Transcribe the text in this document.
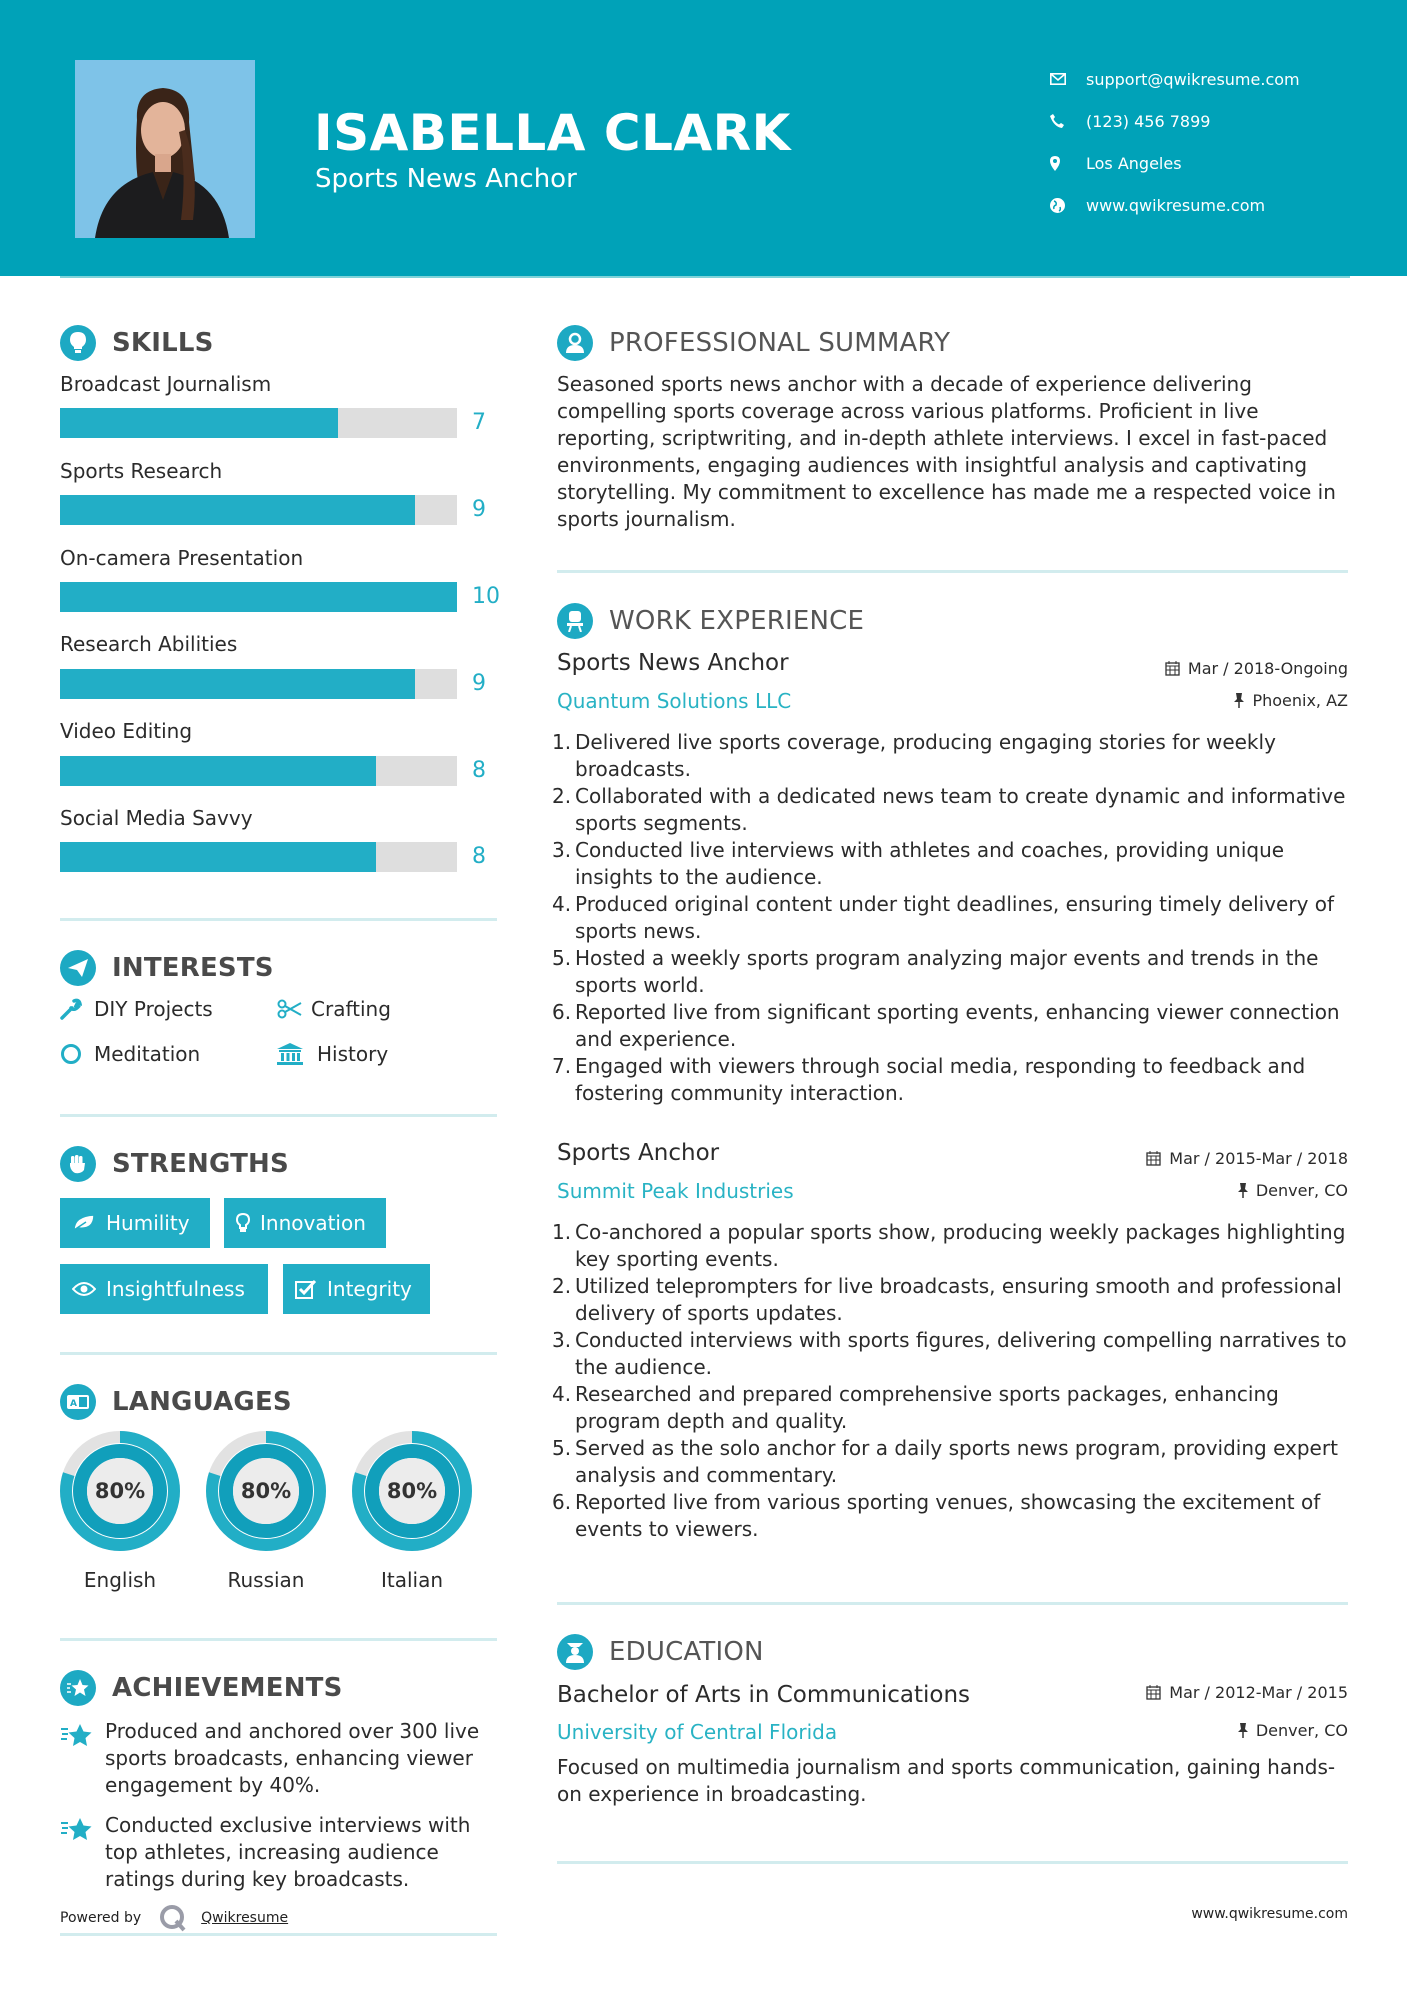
ISABELLA CLARK
Sports News Anchor
support@qwikresume.com
(123) 456 7899
Los Angeles
www.qwikresume.com
SKILLS
Broadcast Journalism
7
Sports Research
9
On-camera Presentation
10
Research Abilities
9
Video Editing
8
Social Media Savvy
8
INTERESTS
DIY Projects	Crafting
Meditation	History
STRENGTHS
Humility	Innovation
Insightfulness	Integrity
A LANGUAGES
80%
English
80%
Russian
80%
Italian
ACHIEVEMENTS
Produced and anchored over 300 live sports broadcasts, enhancing viewer engagement by 40%.
Conducted exclusive interviews with top athletes, increasing audience ratings during key broadcasts.
Powered by	Qwikresume
PROFESSIONAL SUMMARY
Seasoned sports news anchor with a decade of experience delivering compelling sports coverage across various platforms. Proficient in live reporting, scriptwriting, and in-depth athlete interviews. I excel in fast-paced environments, engaging audiences with insightful analysis and captivating storytelling. My commitment to excellence has made me a respected voice in sports journalism.
WORK EXPERIENCE
Sports News Anchor	Mar / 2018-Ongoing
Quantum Solutions LLC	Phoenix, AZ
1. Delivered live sports coverage, producing engaging stories for weekly broadcasts.
2. Collaborated with a dedicated news team to create dynamic and informative sports segments.
3. Conducted live interviews with athletes and coaches, providing unique insights to the audience.
4. Produced original content under tight deadlines, ensuring timely delivery of sports news.
5. Hosted a weekly sports program analyzing major events and trends in the sports world.
6. Reported live from significant sporting events, enhancing viewer connection and experience.
7. Engaged with viewers through social media, responding to feedback and fostering community interaction.
Sports Anchor	Mar / 2015-Mar / 2018
Summit Peak Industries	Denver, CO
1. Co-anchored a popular sports show, producing weekly packages highlighting key sporting events.
2. Utilized teleprompters for live broadcasts, ensuring smooth and professional delivery of sports updates.
3. Conducted interviews with sports figures, delivering compelling narratives to the audience.
4. Researched and prepared comprehensive sports packages, enhancing program depth and quality.
5. Served as the solo anchor for a daily sports news program, providing expert analysis and commentary.
6. Reported live from various sporting venues, showcasing the excitement of events to viewers.
EDUCATION
Bachelor of Arts in Communications	Mar / 2012-Mar / 2015
University of Central Florida	Denver, CO
Focused on multimedia journalism and sports communication, gaining hands-on experience in broadcasting.
www.qwikresume.com
